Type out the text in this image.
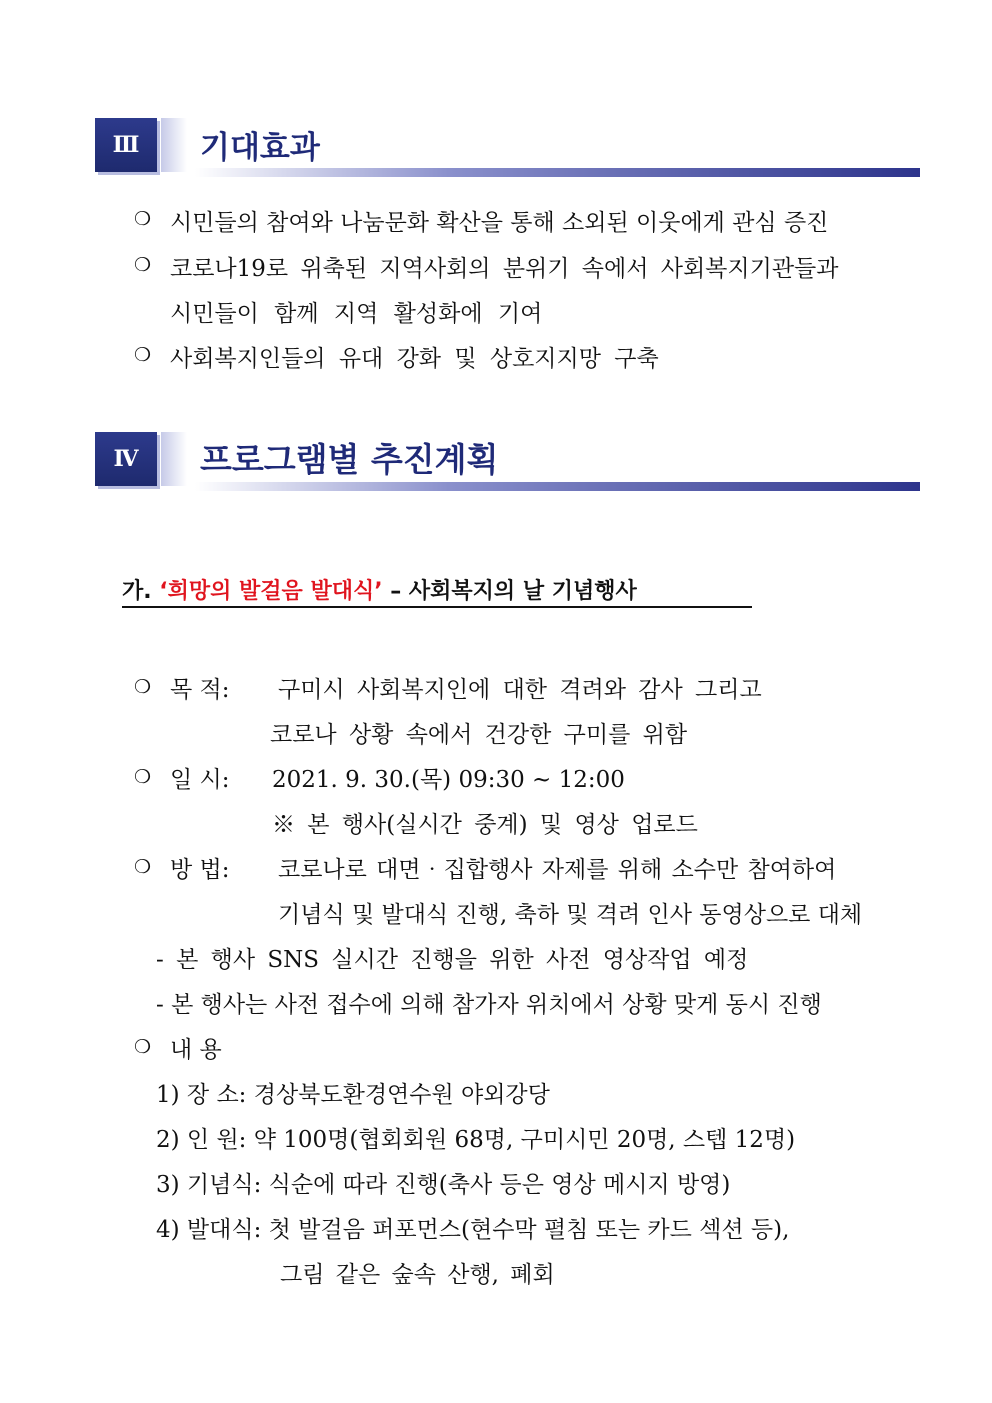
Ⅲ	기대효과
❍ 시민들의 참여와 나눔문화 확산을 통해 소외된 이웃에게 관심 증진
❍ 코로나19로 위축된 지역사회의 분위기 속에서 사회복지기관들과
시민들이 함께 지역 활성화에 기여
❍ 사회복지인들의 유대 강화 및 상호지지망 구축
Ⅳ	프로그램별 추진계획
가. ‘희망의 발걸음 발대식’ – 사회복지의 날 기념행사
❍ 목 적: 구미시 사회복지인에 대한 격려와 감사 그리고
코로나 상황 속에서 건강한 구미를 위함
❍ 일 시: 2021. 9. 30.(목) 09:30 ~ 12:00
※ 본 행사(실시간 중계) 및 영상 업로드
❍ 방 법: 코로나로 대면‧집합행사 자제를 위해 소수만 참여하여
기념식 및 발대식 진행, 축하 및 격려 인사 동영상으로 대체
- 본 행사 SNS 실시간 진행을 위한 사전 영상작업 예정
- 본 행사는 사전 접수에 의해 참가자 위치에서 상황 맞게 동시 진행
❍ 내 용
1) 장 소: 경상북도환경연수원 야외강당
2) 인 원: 약 100명(협회회원 68명, 구미시민 20명, 스텝 12명)
3) 기념식: 식순에 따라 진행(축사 등은 영상 메시지 방영)
4) 발대식: 첫 발걸음 퍼포먼스(현수막 펼침 또는 카드 섹션 등),
그림 같은 숲속 산행, 폐회
